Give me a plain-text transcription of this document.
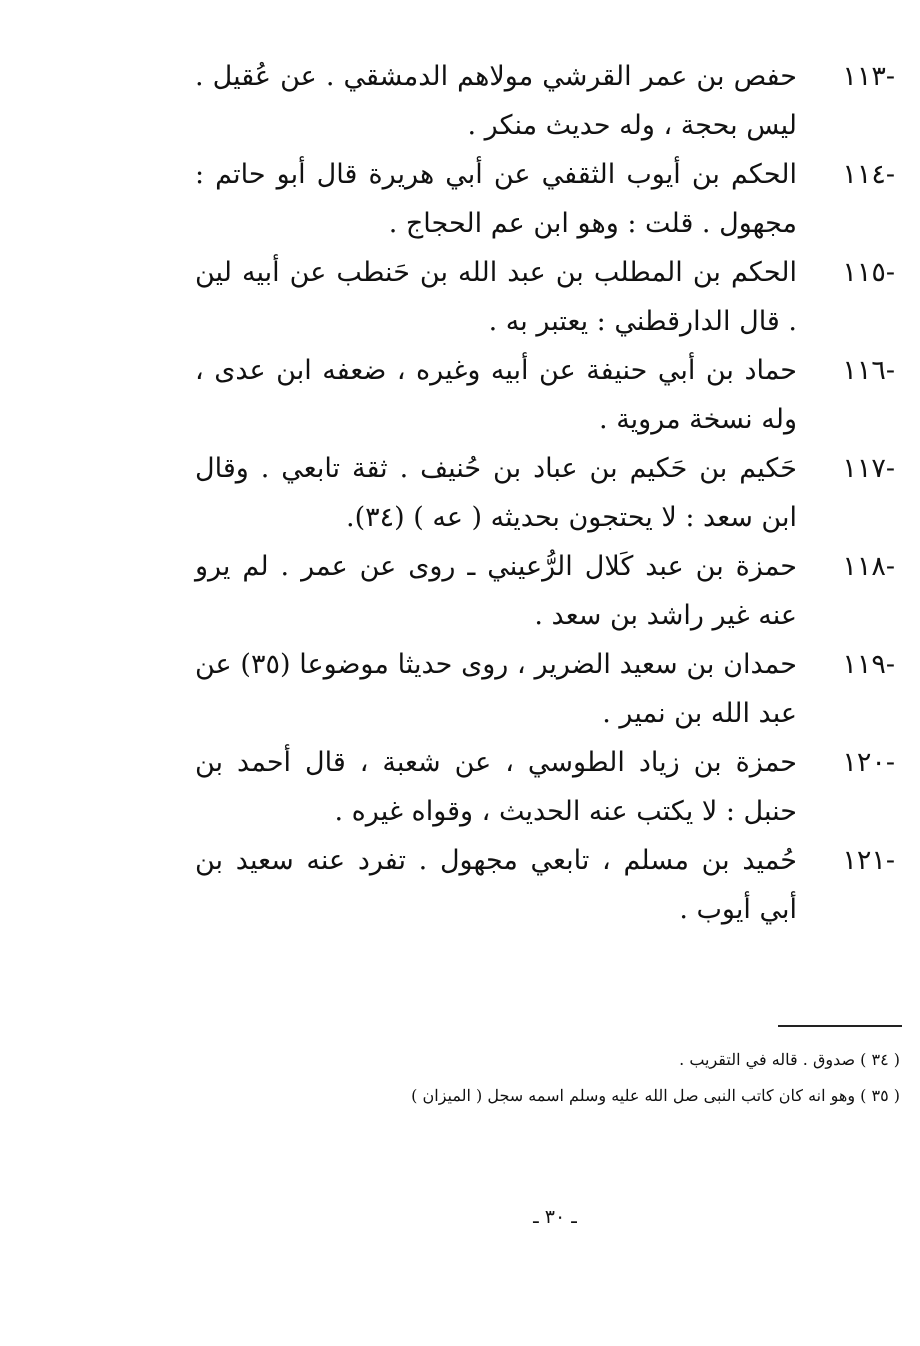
-١١٣
حفص بن عمر القرشي مولاهم الدمشقي . عن عُقيل . ليس بحجة ، وله حديث منكر .
-١١٤
الحكم بن أيوب الثقفي عن أبي هريرة قال أبو حاتم : مجهول . قلت : وهو ابن عم الحجاج .
-١١٥
الحكم بن المطلب بن عبد الله بن حَنطب عن أبيه لين . قال الدارقطني : يعتبر به .
-١١٦
حماد بن أبي حنيفة عن أبيه وغيره ، ضعفه ابن عدى ، وله نسخة مروية .
-١١٧
حَكيم بن حَكيم بن عباد بن حُنيف . ثقة تابعي . وقال ابن سعد : لا يحتجون بحديثه ( عه ) (٣٤).
-١١٨
حمزة بن عبد كَلال الرُّعيني ـ روى عن عمر . لم يرو عنه غير راشد بن سعد .
-١١٩
حمدان بن سعيد الضرير ، روى حديثا موضوعا (٣٥) عن عبد الله بن نمير .
-١٢٠
حمزة بن زياد الطوسي ، عن شعبة ، قال أحمد بن حنبل : لا يكتب عنه الحديث ، وقواه غيره .
-١٢١
حُميد بن مسلم ، تابعي مجهول . تفرد عنه سعيد بن أبي أيوب .
( ٣٤ ) صدوق . قاله في التقريب .
( ٣٥ ) وهو انه كان كاتب النبى صل الله عليه وسلم اسمه سجل ( الميزان )
ـ ٣٠ ـ
